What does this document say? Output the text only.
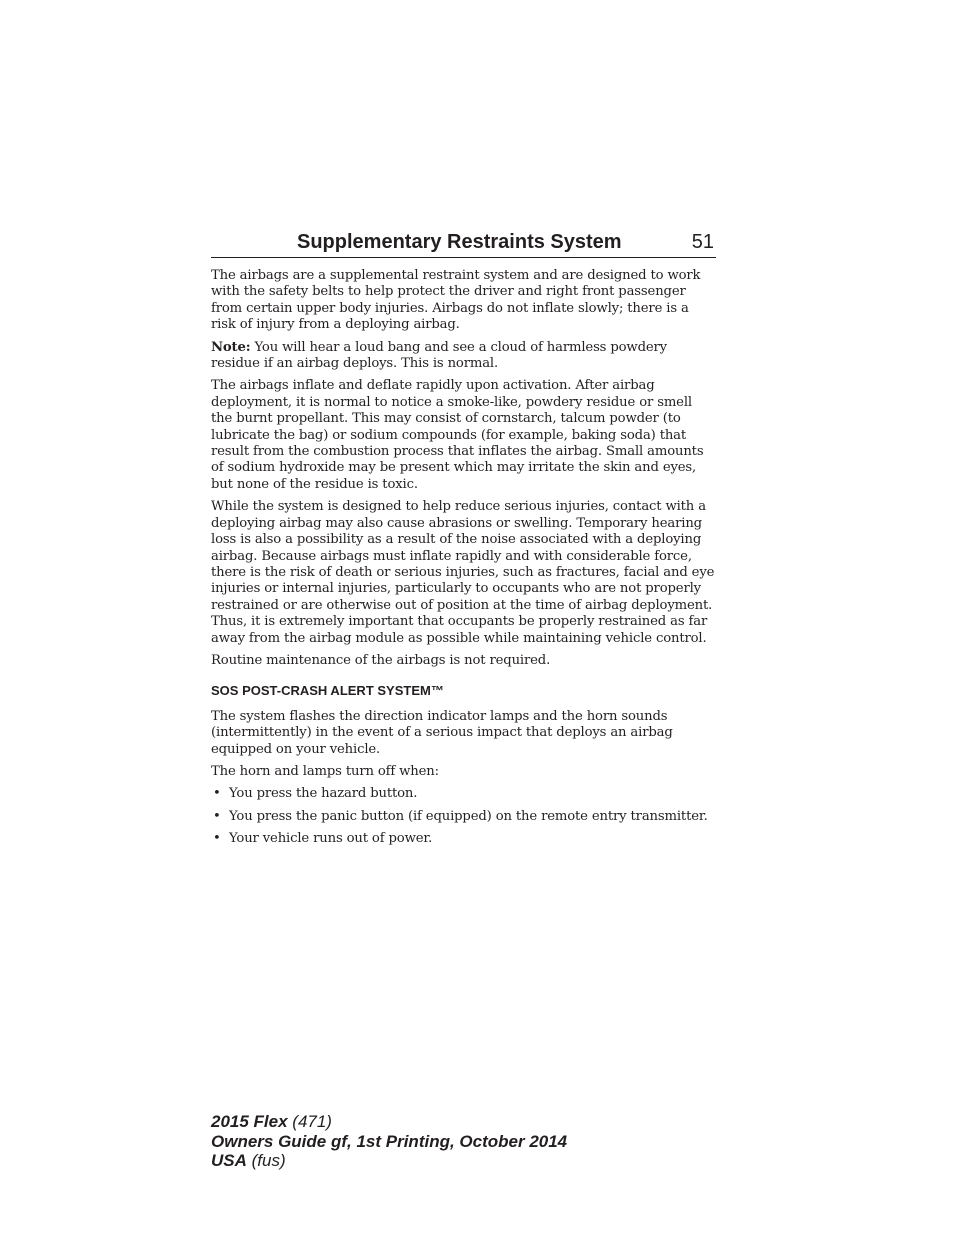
Supplementary Restraints System	51

The airbags are a supplemental restraint system and are designed to work with the safety belts to help protect the driver and right front passenger from certain upper body injuries. Airbags do not inflate slowly; there is a risk of injury from a deploying airbag.

Note: You will hear a loud bang and see a cloud of harmless powdery residue if an airbag deploys. This is normal.

The airbags inflate and deflate rapidly upon activation. After airbag deployment, it is normal to notice a smoke-like, powdery residue or smell the burnt propellant. This may consist of cornstarch, talcum powder (to lubricate the bag) or sodium compounds (for example, baking soda) that result from the combustion process that inflates the airbag. Small amounts of sodium hydroxide may be present which may irritate the skin and eyes, but none of the residue is toxic.

While the system is designed to help reduce serious injuries, contact with a deploying airbag may also cause abrasions or swelling. Temporary hearing loss is also a possibility as a result of the noise associated with a deploying airbag. Because airbags must inflate rapidly and with considerable force, there is the risk of death or serious injuries, such as fractures, facial and eye injuries or internal injuries, particularly to occupants who are not properly restrained or are otherwise out of position at the time of airbag deployment. Thus, it is extremely important that occupants be properly restrained as far away from the airbag module as possible while maintaining vehicle control.

Routine maintenance of the airbags is not required.

SOS POST-CRASH ALERT SYSTEM™

The system flashes the direction indicator lamps and the horn sounds (intermittently) in the event of a serious impact that deploys an airbag equipped on your vehicle.

The horn and lamps turn off when:

• You press the hazard button.
• You press the panic button (if equipped) on the remote entry transmitter.
• Your vehicle runs out of power.
2015 Flex (471)
Owners Guide gf, 1st Printing, October 2014
USA (fus)
